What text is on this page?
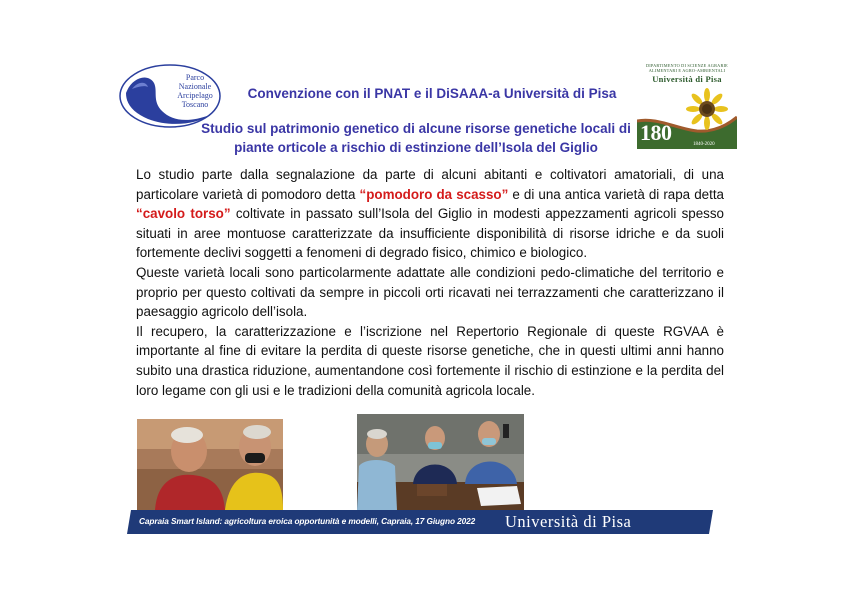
Parco
Nazionale
Arcipelago
Toscano
DIPARTIMENTO DI SCIENZE AGRARIE
ALIMENTARI E AGRO-AMBIENTALI
Università di Pisa
180	1840-2020
Convenzione con il PNAT e il DiSAAA-a Università di Pisa
Studio sul patrimonio genetico di alcune risorse genetiche locali di
piante orticole a rischio di estinzione dell’Isola del Giglio

Lo studio parte dalla segnalazione da parte di alcuni abitanti e coltivatori amatoriali, di una particolare varietà di pomodoro detta “pomodoro da scasso” e di una antica varietà di rapa detta “cavolo torso” coltivate in passato sull’Isola del Giglio in modesti appezzamenti agricoli spesso situati in aree montuose caratterizzate da insufficiente disponibilità di risorse idriche e da suoli fortemente declivi soggetti a fenomeni di degrado fisico, chimico e biologico.

Queste varietà locali sono particolarmente adattate alle condizioni pedo-climatiche del territorio e proprio per questo coltivati da sempre in piccoli orti ricavati nei terrazzamenti che caratterizzano il paesaggio agricolo dell’isola.

Il recupero, la caratterizzazione e l’iscrizione nel Repertorio Regionale di queste RGVAA è importante al fine di evitare la perdita di queste risorse genetiche, che in questi ultimi anni hanno subito una drastica riduzione, aumentandone così fortemente il rischio di estinzione e la perdita del loro legame con gli usi e le tradizioni della comunità agricola locale.

Capraia Smart Island: agricoltura eroica opportunità e modelli, Capraia, 17 Giugno 2022 Università di Pisa
